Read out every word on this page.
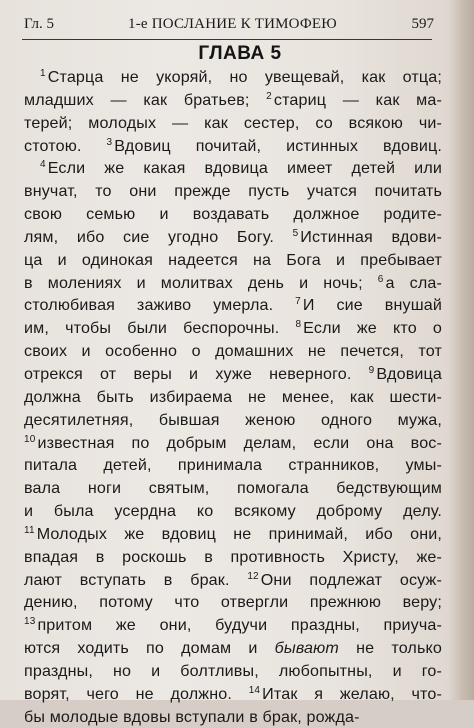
Гл. 5	1-е ПОСЛАНИЕ К ТИМОФЕЮ	597
ГЛАВА 5
$^1$ Старца не укоряй, но увещевай, как отца;
младших — как братьев; $^2$ стариц — как ма-
терей; молодых — как сестер, со всякою чи-
стотою. $^3$ Вдовиц почитай, истинных вдовиц.
$^4$ Если же какая вдовица имеет детей или
внучат, то они прежде пусть учатся почитать
свою семью и воздавать должное родите-
лям, ибо сие угодно Богу. $^5$ Истинная вдови-
ца и одинокая надеется на Бога и пребывает
в молениях и молитвах день и ночь; $^6$ а сла-
столюбивая заживо умерла. $^7$ И сие внушай
им, чтобы были беспорочны. $^8$ Если же кто о
своих и особенно о домашних не печется, тот
отрекся от веры и хуже неверного. $^9$ Вдовица
должна быть избираема не менее, как шести-
десятилетняя, бывшая женою одного мужа,
$^{10}$ известная по добрым делам, если она вос-
питала детей, принимала странников, умы-
вала ноги святым, помогала бедствующим
и была усердна ко всякому доброму делу.
$^{11}$ Молодых же вдовиц не принимай, ибо они,
впадая в роскошь в противность Христу, же-
лают вступать в брак. $^{12}$ Они подлежат осуж-
дению, потому что отвергли прежнюю веру;
$^{13}$ притом же они, будучи праздны, приуча-
ются ходить по домам и бывают не только
праздны, но и болтливы, любопытны, и го-
ворят, чего не должно. $^{14}$ Итак я желаю, что-
бы молодые вдовы вступали в брак, рожда-
